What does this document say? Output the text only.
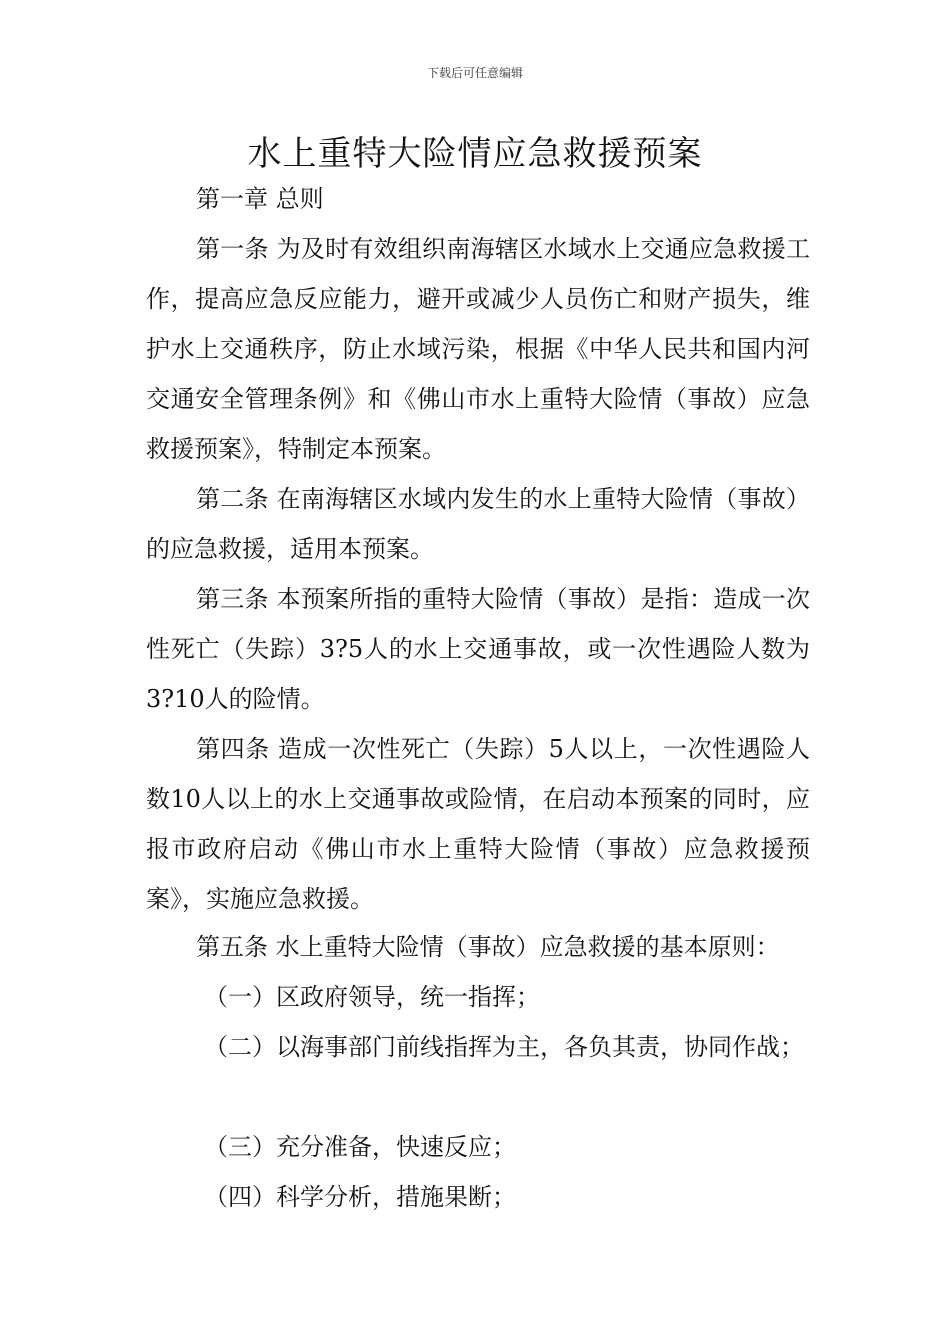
下载后可任意编辑
水上重特大险情应急救援预案

第一章 总则

第一条 为及时有效组织南海辖区水域水上交通应急救援工作，提高应急反应能力，避开或减少人员伤亡和财产损失，维护水上交通秩序，防止水域污染，根据《中华人民共和国内河交通安全管理条例》和《佛山市水上重特大险情（事故）应急救援预案》，特制定本预案。

第二条 在南海辖区水域内发生的水上重特大险情（事故）的应急救援，适用本预案。

第三条 本预案所指的重特大险情（事故）是指：造成一次性死亡（失踪）3?5人的水上交通事故，或一次性遇险人数为3?10人的险情。

第四条 造成一次性死亡（失踪）5人以上，一次性遇险人数10人以上的水上交通事故或险情，在启动本预案的同时，应报市政府启动《佛山市水上重特大险情（事故）应急救援预案》，实施应急救援。

第五条 水上重特大险情（事故）应急救援的基本原则：

（一）区政府领导，统一指挥；

（二）以海事部门前线指挥为主，各负其责，协同作战；

（三）充分准备，快速反应；

（四）科学分析，措施果断；
